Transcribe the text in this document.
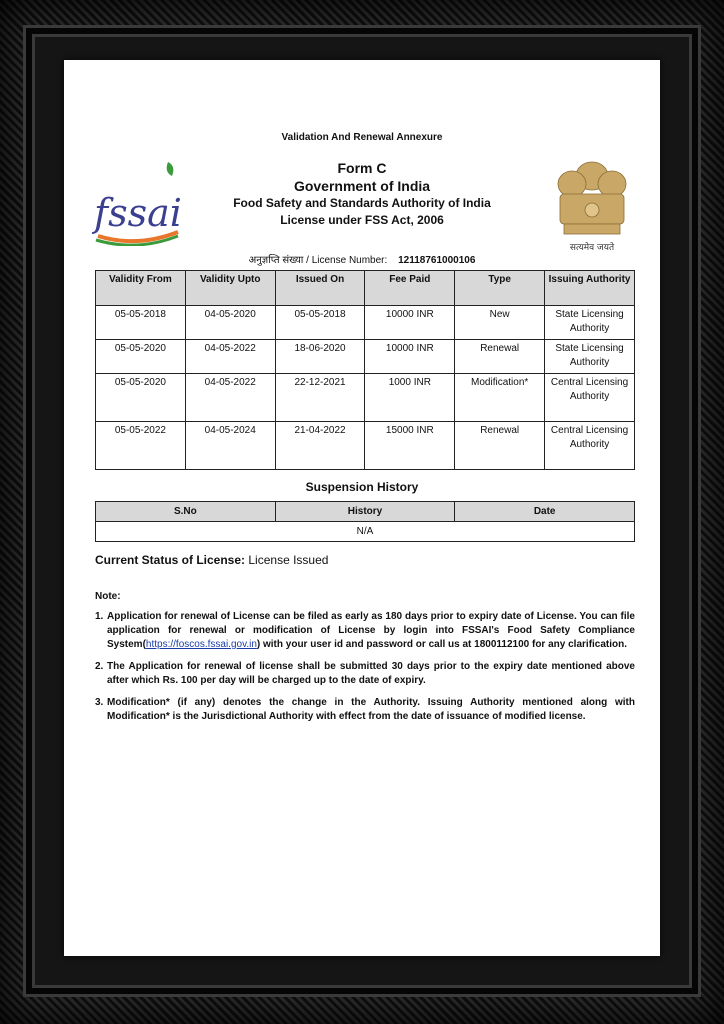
Validation And Renewal Annexure
fssai
सत्यमेव जयते
Form C
Government of India
Food Safety and Standards Authority of India
License under FSS Act, 2006
अनुज्ञप्ति संख्या / License Number: 12118761000106
Validity From	Validity Upto	Issued On	Fee Paid	Type	Issuing Authority
05-05-2018	04-05-2020	05-05-2018	10000 INR	New	State Licensing Authority
05-05-2020	04-05-2022	18-06-2020	10000 INR	Renewal	State Licensing Authority
05-05-2020	04-05-2022	22-12-2021	1000 INR	Modification*	Central Licensing Authority
05-05-2022	04-05-2024	21-04-2022	15000 INR	Renewal	Central Licensing Authority
Suspension History
S.No	History	Date
N/A
Current Status of License: License Issued
Note:
1. Application for renewal of License can be filed as early as 180 days prior to expiry date of License. You can file application for renewal or modification of License by login into FSSAI's Food Safety Compliance System(https://foscos.fssai.gov.in) with your user id and password or call us at 1800112100 for any clarification.
2. The Application for renewal of license shall be submitted 30 days prior to the expiry date mentioned above after which Rs. 100 per day will be charged up to the date of expiry.
3. Modification* (if any) denotes the change in the Authority. Issuing Authority mentioned along with Modification* is the Jurisdictional Authority with effect from the date of issuance of modified license.
